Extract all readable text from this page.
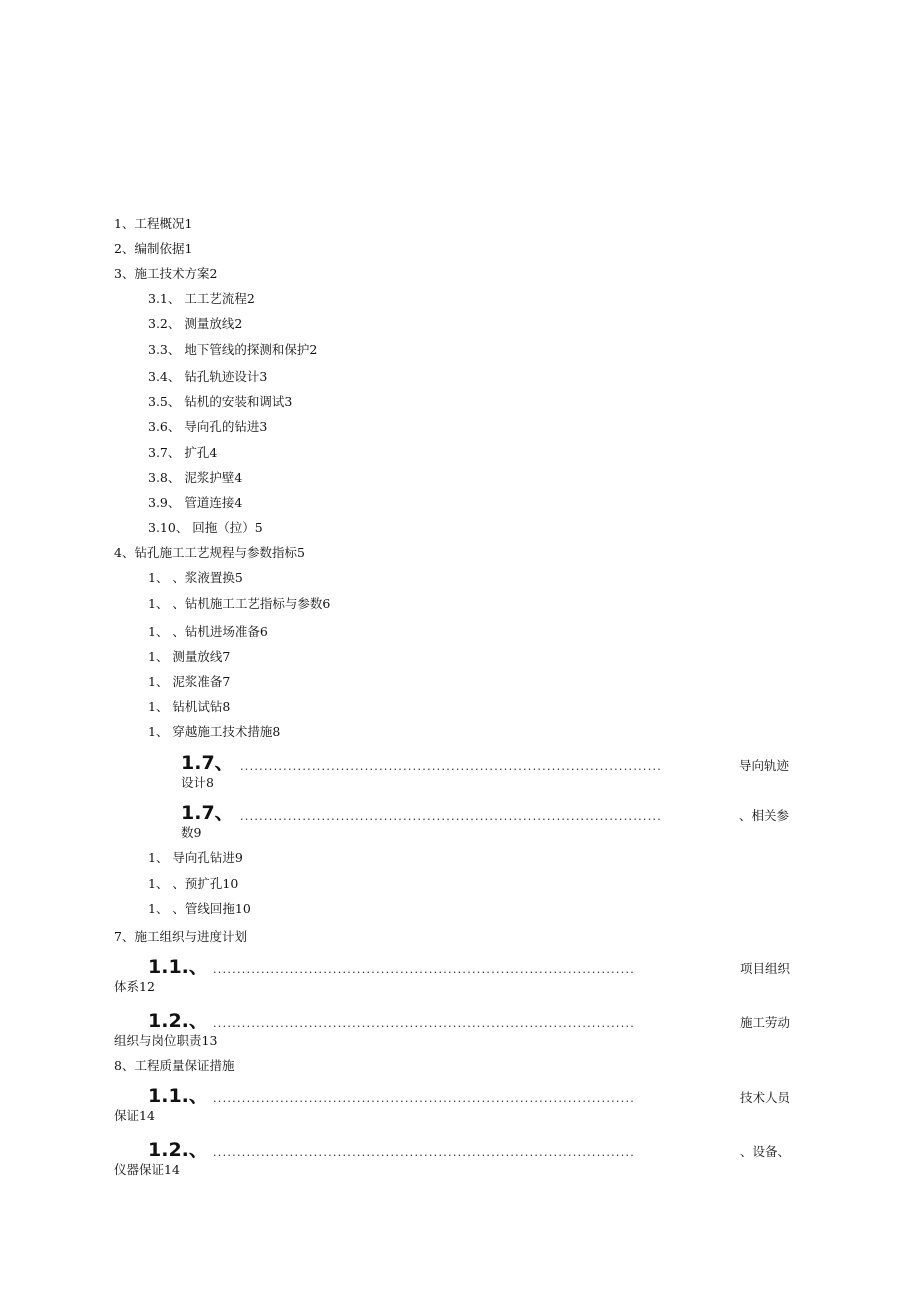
1、工程概况1
2、编制依据1
3、施工技术方案2
3.1、 工工艺流程2
3.2、 测量放线2
3.3、 地下管线的探测和保护2
3.4、 钻孔轨迹设计3
3.5、 钻机的安装和调试3
3.6、 导向孔的钻进3
3.7、 扩孔4
3.8、 泥浆护壁4
3.9、 管道连接4
3.10、 回拖（拉）5
4、钻孔施工工艺规程与参数指标5
1、 、浆液置换5
1、 、钻机施工工艺指标与参数6
1、 、钻机进场准备6
1、 测量放线7
1、 泥浆准备7
1、 钻机试钻8
1、 穿越施工技术措施8
1.7、 ........................................................................................	导向轨迹
设计8
1.7、 ........................................................................................	、相关参
数9
1、 导向孔钻进9
1、 、预扩孔10
1、 、管线回拖10
7、施工组织与进度计划
1.1.、 ........................................................................................	项目组织
体系12
1.2.、 ........................................................................................	施工劳动
组织与岗位职责13
8、工程质量保证措施
1.1.、 ........................................................................................	技术人员
保证14
1.2.、 ........................................................................................	、设备、
仪器保证14
